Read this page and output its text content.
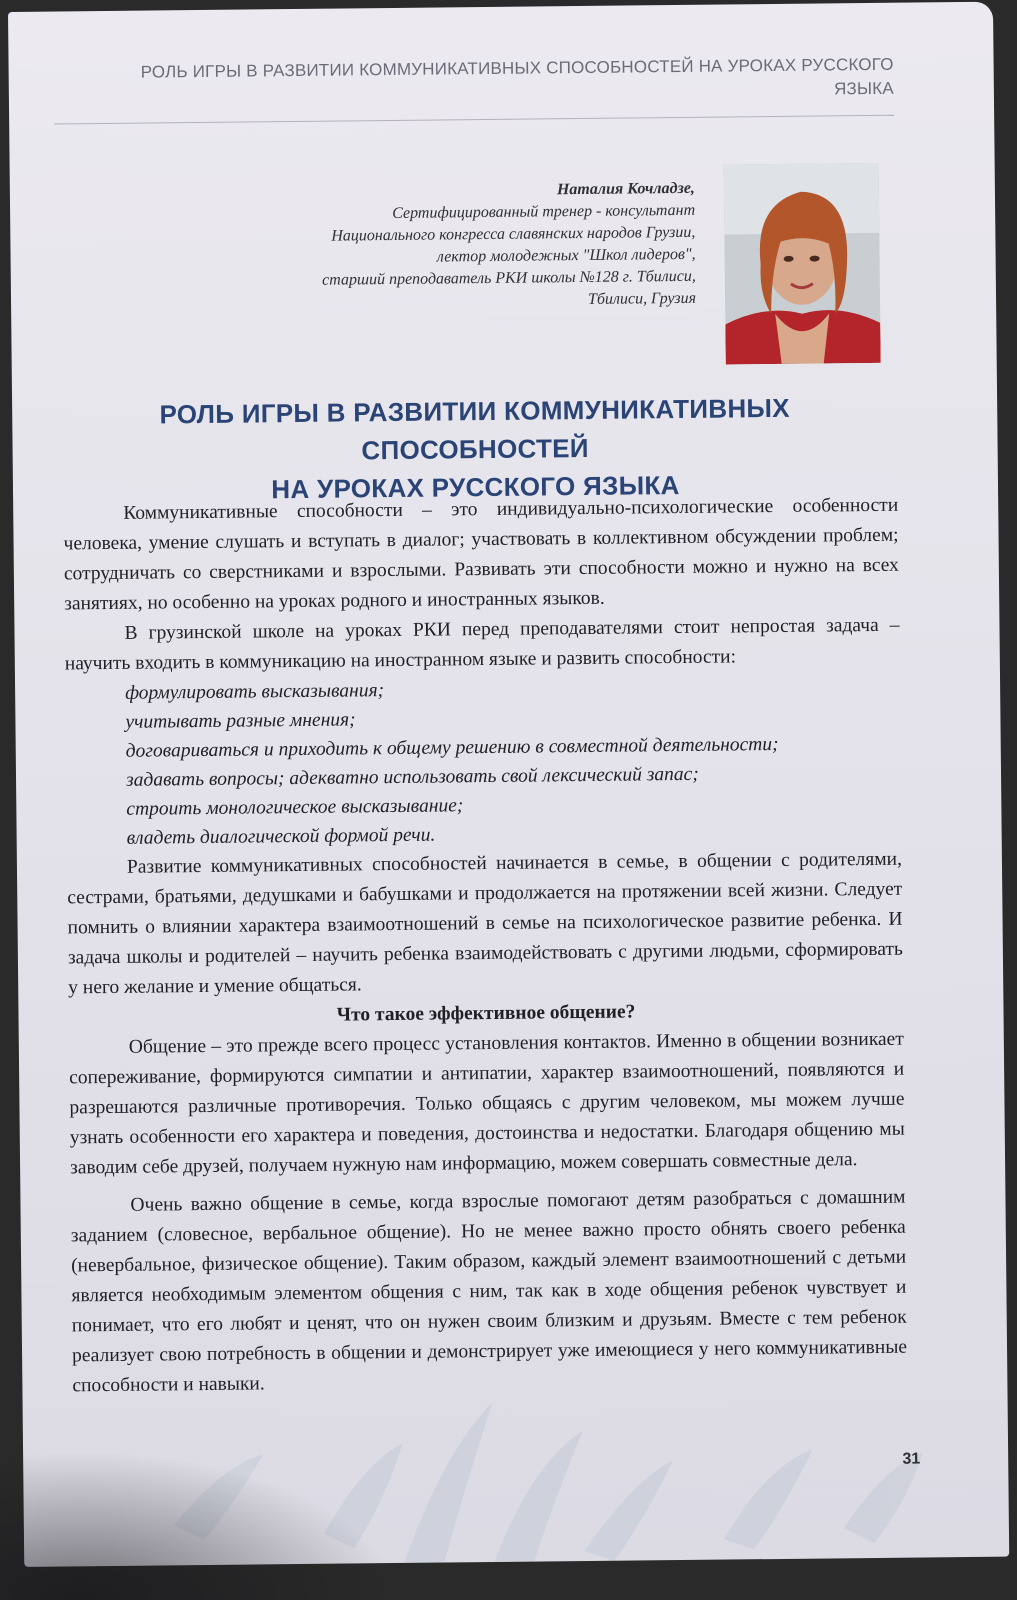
РОЛЬ ИГРЫ В РАЗВИТИИ КОММУНИКАТИВНЫХ СПОСОБНОСТЕЙ НА УРОКАХ РУССКОГО ЯЗЫКА
Наталия Кочладзе,
Сертифицированный тренер - консультант
Национального конгресса славянских народов Грузии,
лектор молодежных "Школ лидеров",
старший преподаватель РКИ школы №128 г. Тбилиси,
Тбилиси, Грузия
РОЛЬ ИГРЫ В РАЗВИТИИ КОММУНИКАТИВНЫХ СПОСОБНОСТЕЙ
НА УРОКАХ РУССКОГО ЯЗЫКА

Коммуникативные способности – это индивидуально-психологические особенности человека, умение слушать и вступать в диалог; участвовать в коллективном обсуждении проблем; сотрудничать со сверстниками и взрослыми. Развивать эти способности можно и нужно на всех занятиях, но особенно на уроках родного и иностранных языков.

В грузинской школе на уроках РКИ перед преподавателями стоит непростая задача – научить входить в коммуникацию на иностранном языке и развить способности:

формулировать высказывания;
учитывать разные мнения;
договариваться и приходить к общему решению в совместной деятельности;
задавать вопросы; адекватно использовать свой лексический запас;
строить монологическое высказывание;
владеть диалогической формой речи.

Развитие коммуникативных способностей начинается в семье, в общении с родителями, сестрами, братьями, дедушками и бабушками и продолжается на протяжении всей жизни. Следует помнить о влиянии характера взаимоотношений в семье на психологическое развитие ребенка. И задача школы и родителей – научить ребенка взаимодействовать с другими людьми, сформировать у него желание и умение общаться.

Что такое эффективное общение?

Общение – это прежде всего процесс установления контактов. Именно в общении возникает сопереживание, формируются симпатии и антипатии, характер взаимоотношений, появляются и разрешаются различные противоречия. Только общаясь с другим человеком, мы можем лучше узнать особенности его характера и поведения, достоинства и недостатки. Благодаря общению мы заводим себе друзей, получаем нужную нам информацию, можем совершать совместные дела.

Очень важно общение в семье, когда взрослые помогают детям разобраться с домашним заданием (словесное, вербальное общение). Но не менее важно просто обнять своего ребенка (невербальное, физическое общение). Таким образом, каждый элемент взаимоотношений с детьми является необходимым элементом общения с ним, так как в ходе общения ребенок чувствует и понимает, что его любят и ценят, что он нужен своим близким и друзьям. Вместе с тем ребенок реализует свою потребность в общении и демонстрирует уже имеющиеся у него коммуникативные способности и навыки.

31
